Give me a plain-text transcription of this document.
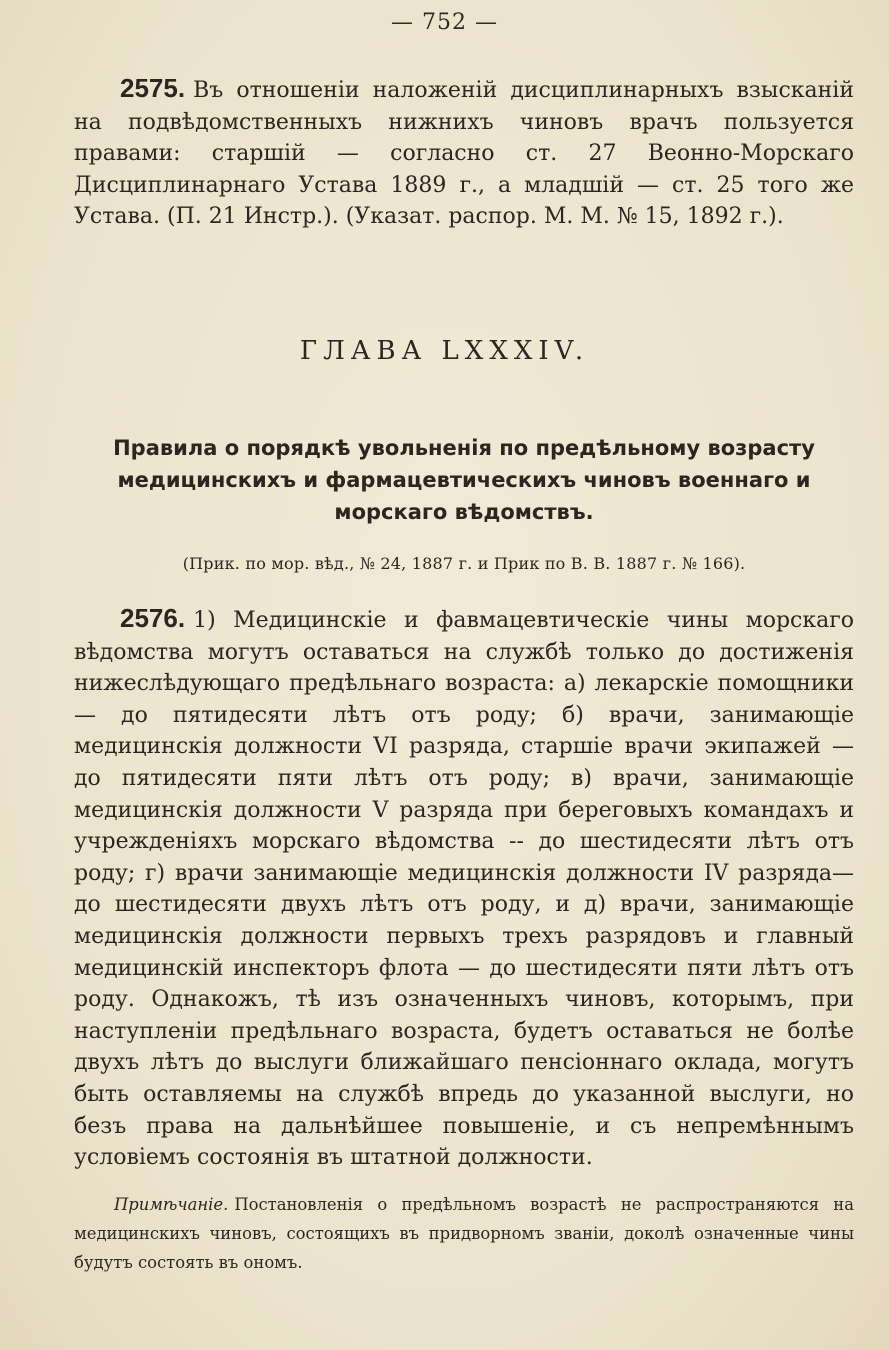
— 752 —

2575. Въ отношеніи наложеній дисциплинарныхъ взысканій на подвѣдомственныхъ нижнихъ чиновъ врачъ пользуется правами: старшій — согласно ст. 27 Веонно-Морскаго Дисциплинарнаго Устава 1889 г., а младшій — ст. 25 того же Устава. (П. 21 Инстр.). (Указат. распор. М. М. № 15, 1892 г.).

ГЛАВА LXXXIV.

Правила о порядкѣ увольненія по предѣльному возрасту медицинскихъ и фармацевтическихъ чиновъ военнаго и морскаго вѣдомствъ.

(Прик. по мор. вѣд., № 24, 1887 г. и Прик по В. В. 1887 г. № 166).

2576. 1) Медицинскіе и фавмацевтическіе чины морскаго вѣдомства могутъ оставаться на службѣ только до достиженія нижеслѣдующаго предѣльнаго возраста: а) лекарскіе помощники— до пятидесяти лѣтъ отъ роду; б) врачи, занимающіе медицинскія должности VI разряда, старшіе врачи экипажей — до пятидесяти пяти лѣтъ отъ роду; в) врачи, занимающіе медицинскія должности V разряда при береговыхъ командахъ и учрежденіяхъ морскаго вѣдомства -- до шестидесяти лѣтъ отъ роду; г) врачи занимающіе медицинскія должности IV разряда—до шестидесяти двухъ лѣтъ отъ роду, и д) врачи, занимающіе медицинскія должности первыхъ трехъ разрядовъ и главный медицинскій инспекторъ флота — до шестидесяти пяти лѣтъ отъ роду. Однакожъ, тѣ изъ означенныхъ чиновъ, которымъ, при наступленіи предѣльнаго возраста, будетъ оставаться не болѣе двухъ лѣтъ до выслуги ближайшаго пенсіоннаго оклада, могутъ быть оставляемы на службѣ впредь до указанной выслуги, но безъ права на дальнѣйшее повышеніе, и съ непремѣннымъ условіемъ состоянія въ штатной должности.

Примѣчаніе. Постановленія о предѣльномъ возрастѣ не распространяются на медицинскихъ чиновъ, состоящихъ въ придворномъ званіи, доколѣ означенные чины будутъ состоять въ ономъ.
